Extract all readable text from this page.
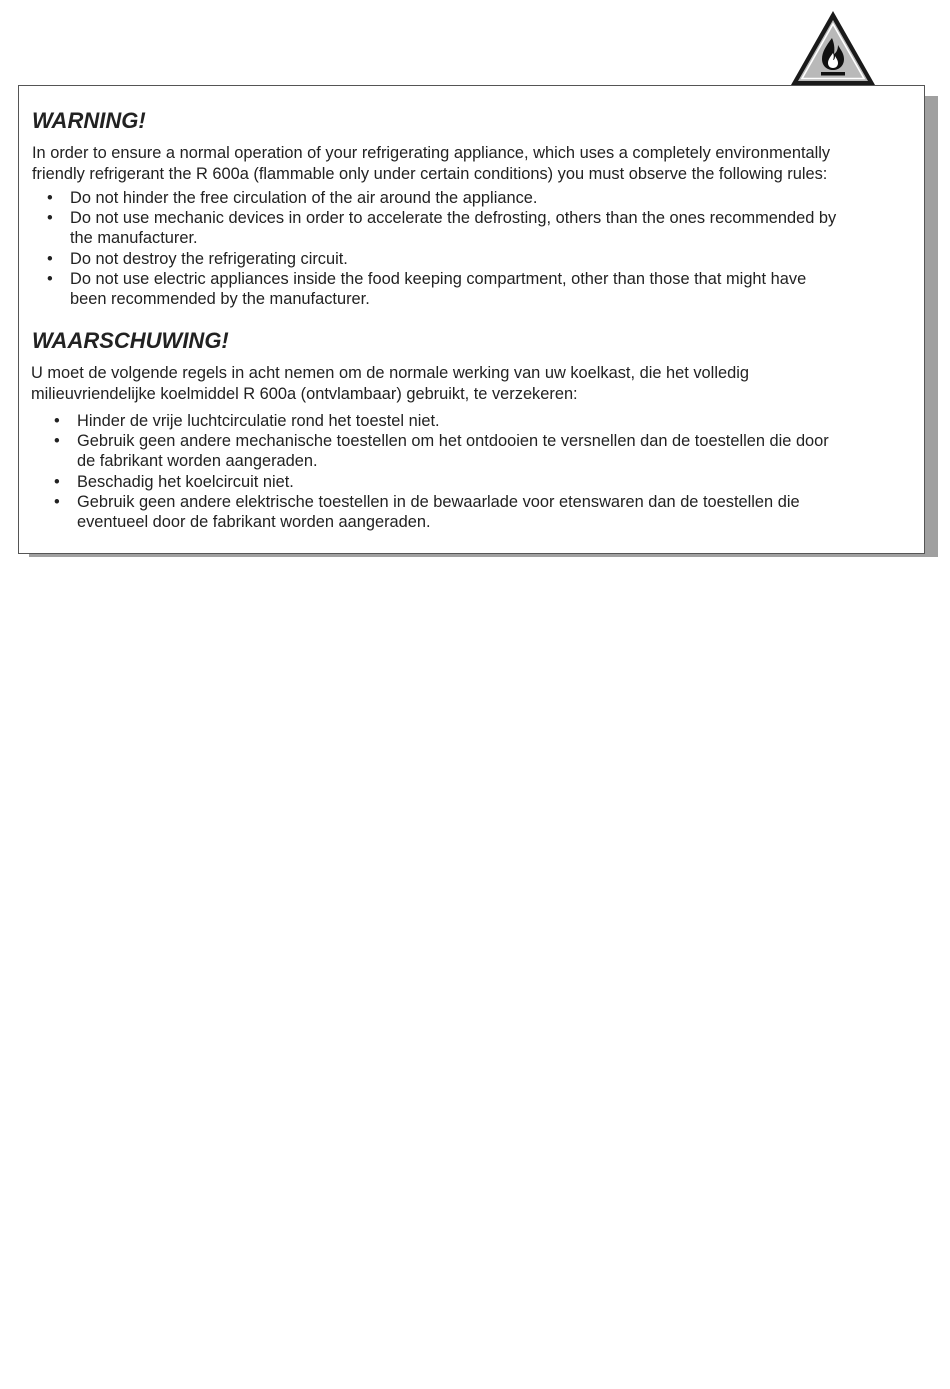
WARNING!

In order to ensure a normal operation of your refrigerating appliance, which uses a completely environmentally
friendly refrigerant the R 600a (flammable only under certain conditions) you must observe the following rules:

• Do not hinder the free circulation of the air around the appliance.
• Do not use mechanic devices in order to accelerate the defrosting, others than the ones recommended by
the manufacturer.
• Do not destroy the refrigerating circuit.
• Do not use electric appliances inside the food keeping compartment, other than those that might have
been recommended by the manufacturer.
WAARSCHUWING!

U moet de volgende regels in acht nemen om de normale werking van uw koelkast, die het volledig
milieuvriendelijke koelmiddel R 600a (ontvlambaar) gebruikt, te verzekeren:

• Hinder de vrije luchtcirculatie rond het toestel niet.
• Gebruik geen andere mechanische toestellen om het ontdooien te versnellen dan de toestellen die door
de fabrikant worden aangeraden.
• Beschadig het koelcircuit niet.
• Gebruik geen andere elektrische toestellen in de bewaarlade voor etenswaren dan de toestellen die
eventueel door de fabrikant worden aangeraden.
